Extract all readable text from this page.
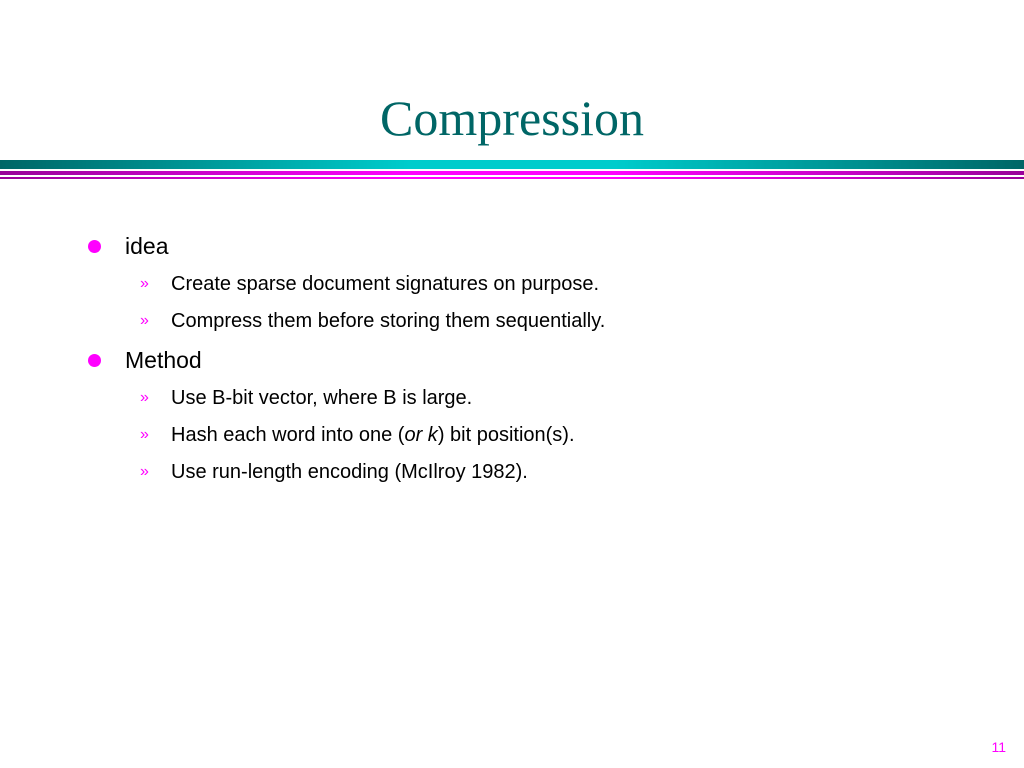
Compression
idea
» Create sparse document signatures on purpose.
» Compress them before storing them sequentially.
Method
» Use B-bit vector, where B is large.
» Hash each word into one (or k) bit position(s).
» Use run-length encoding (McIlroy 1982).
11
